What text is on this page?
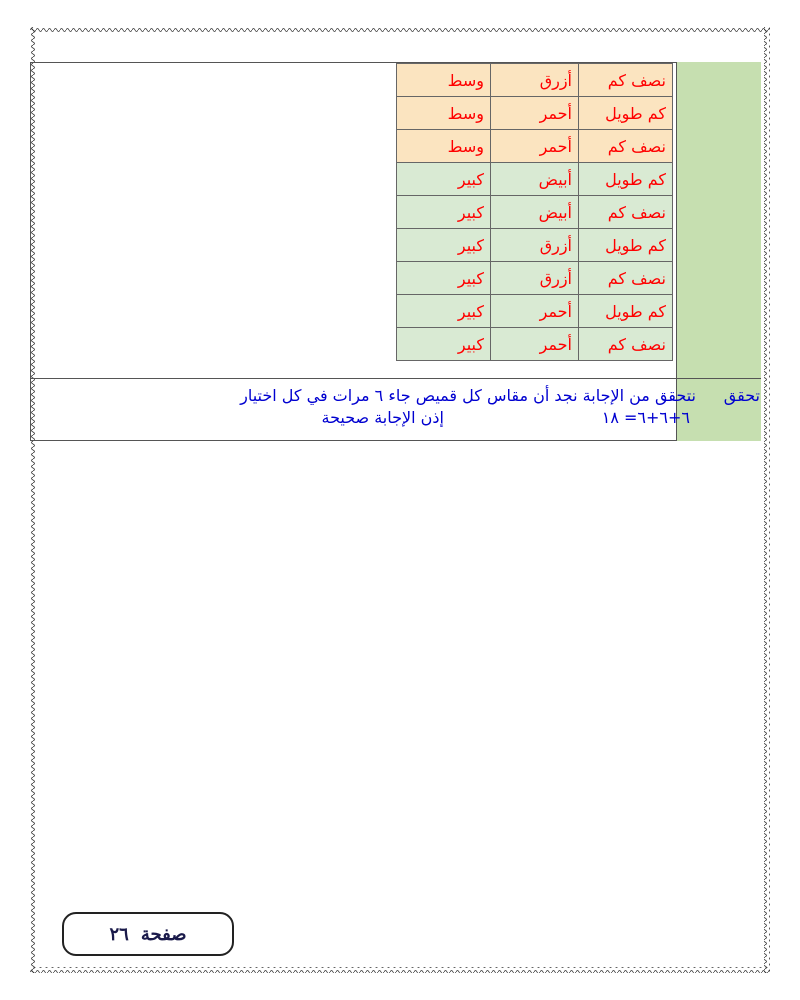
وسط	أزرق	نصف كم
وسط	أحمر	كم طويل
وسط	أحمر	نصف كم
كبير	أبيض	كم طويل
كبير	أبيض	نصف كم
كبير	أزرق	كم طويل
كبير	أزرق	نصف كم
كبير	أحمر	كم طويل
كبير	أحمر	نصف كم
تحقق
نتحقق من الإجابة نجد أن مقاس كل قميص جاء ٦ مرات في كل اختيار
٦+٦+٦= ١٨
إذن الإجابة صحيحة
صفحة
٢٦
